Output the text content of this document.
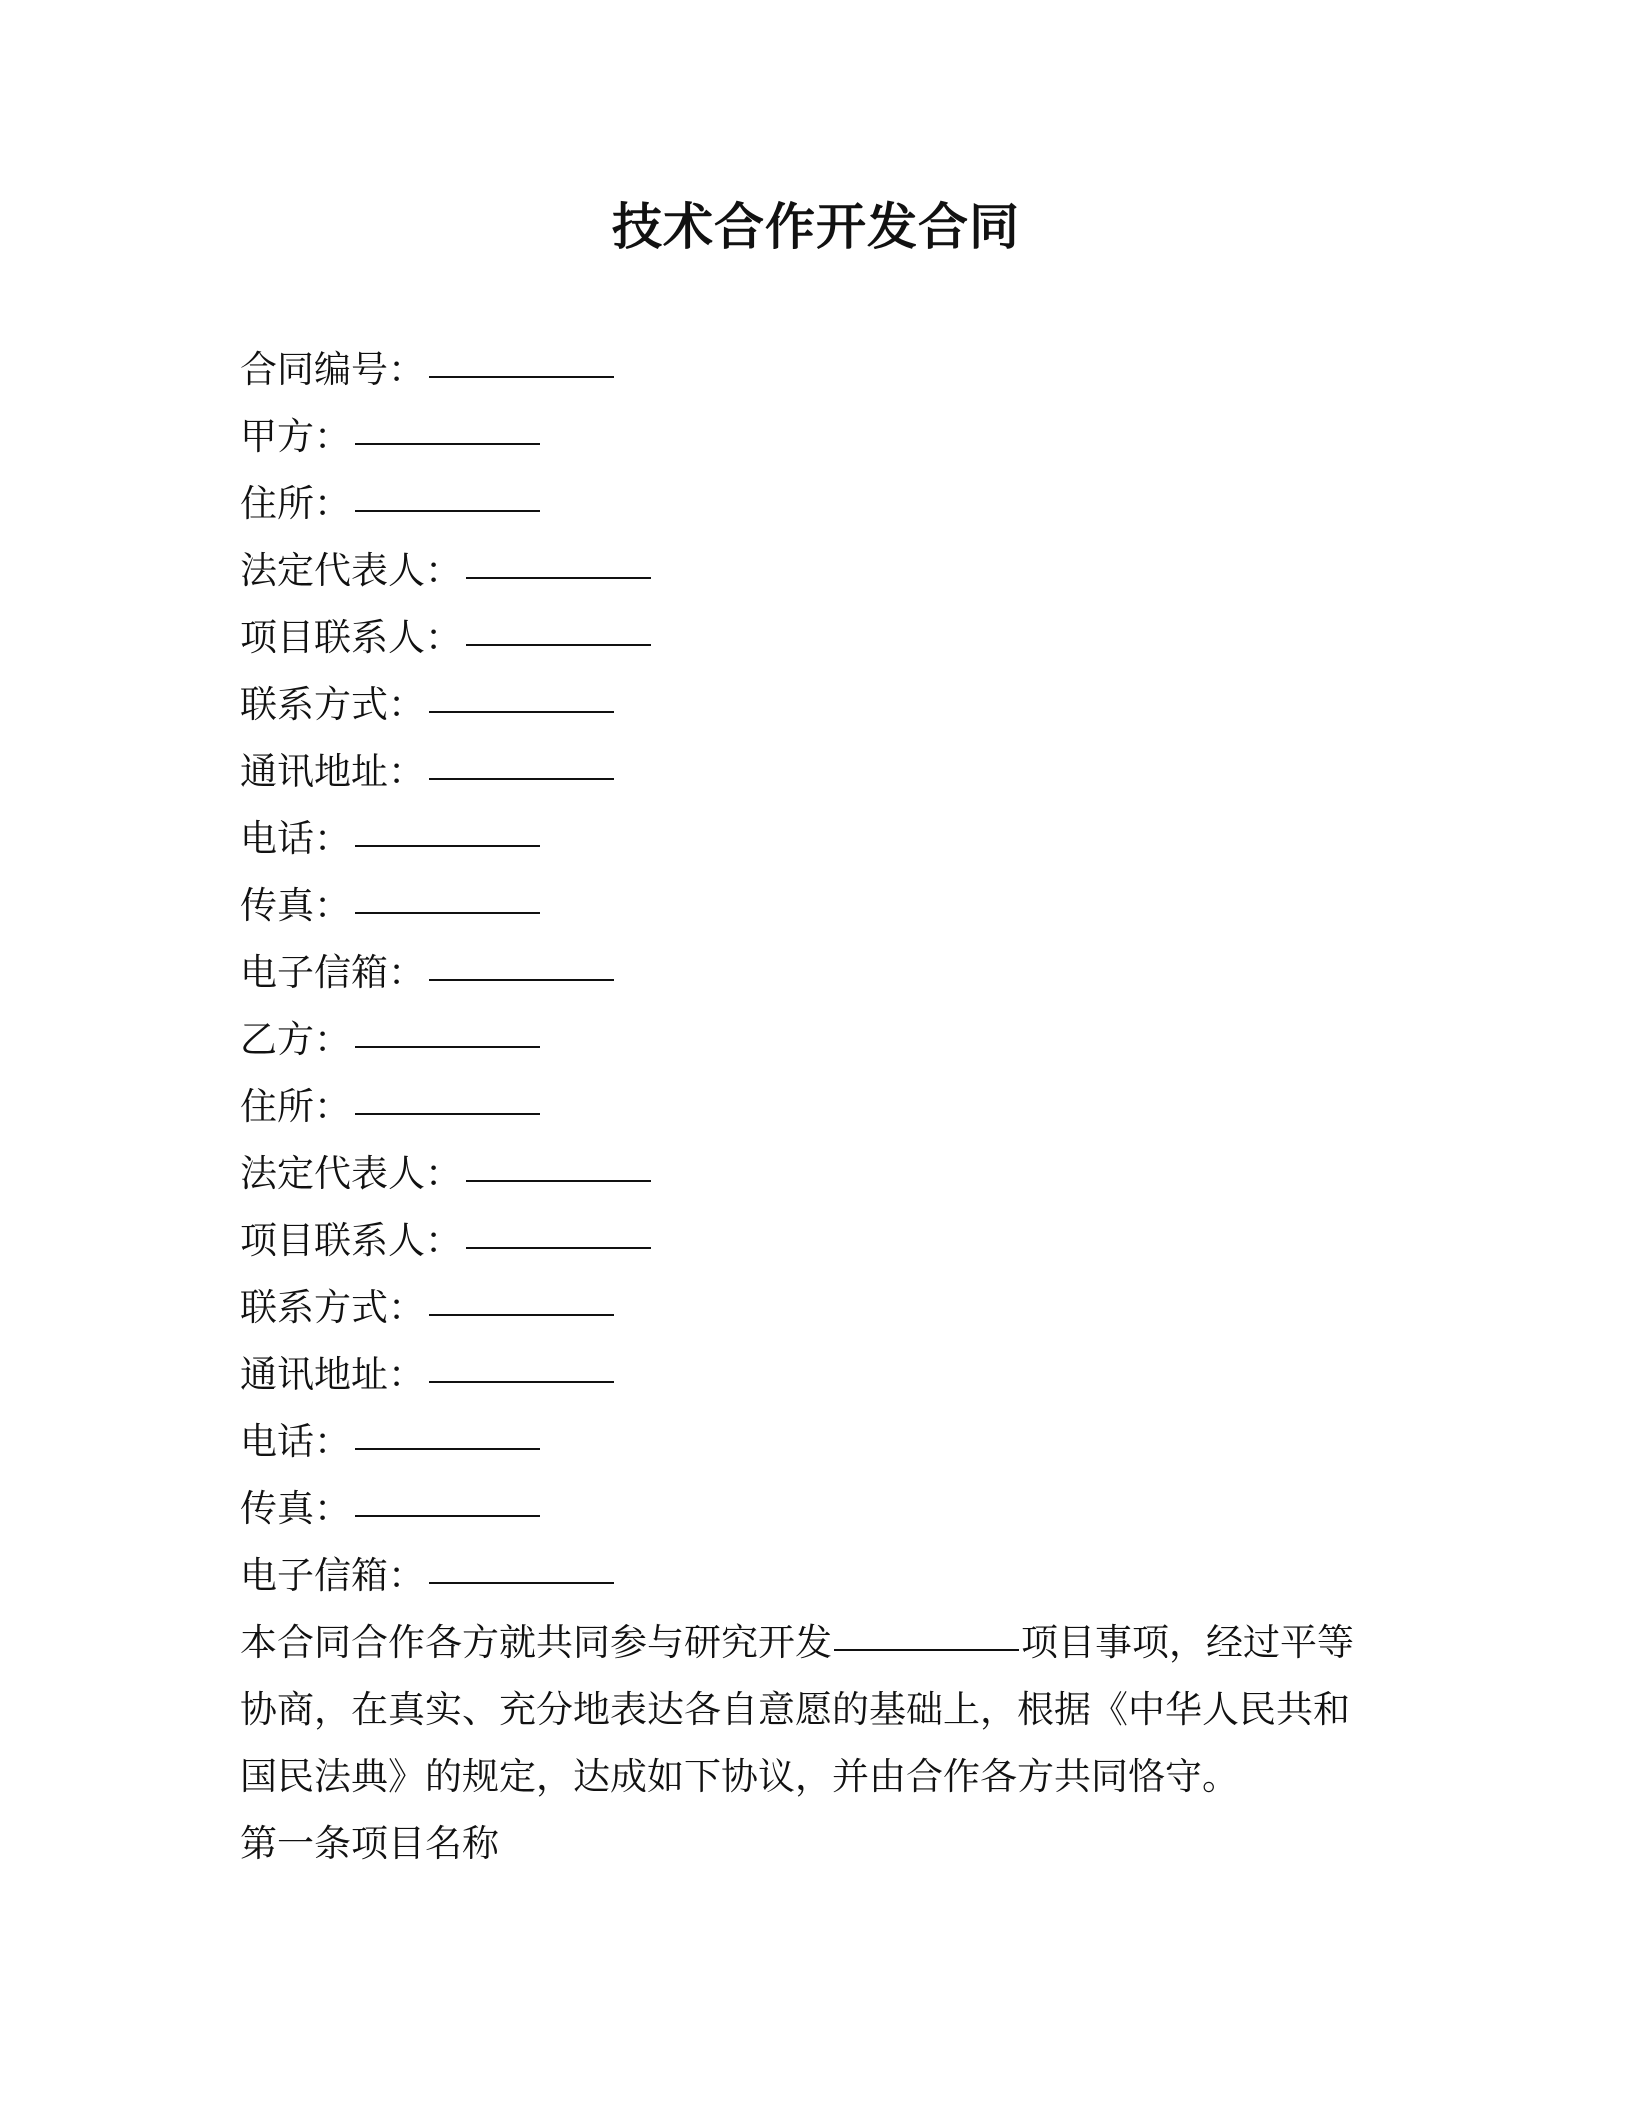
技术合作开发合同
合同编号：
甲方：
住所：
法定代表人：
项目联系人：
联系方式：
通讯地址：
电话：
传真：
电子信箱：
乙方：
住所：
法定代表人：
项目联系人：
联系方式：
通讯地址：
电话：
传真：
电子信箱：
本合同合作各方就共同参与研究开发	项目事项，经过平等协商，在真实、充分地表达各自意愿的基础上，根据《中华人民共和国民法典》的规定，达成如下协议，并由合作各方共同恪守。
第一条项目名称
